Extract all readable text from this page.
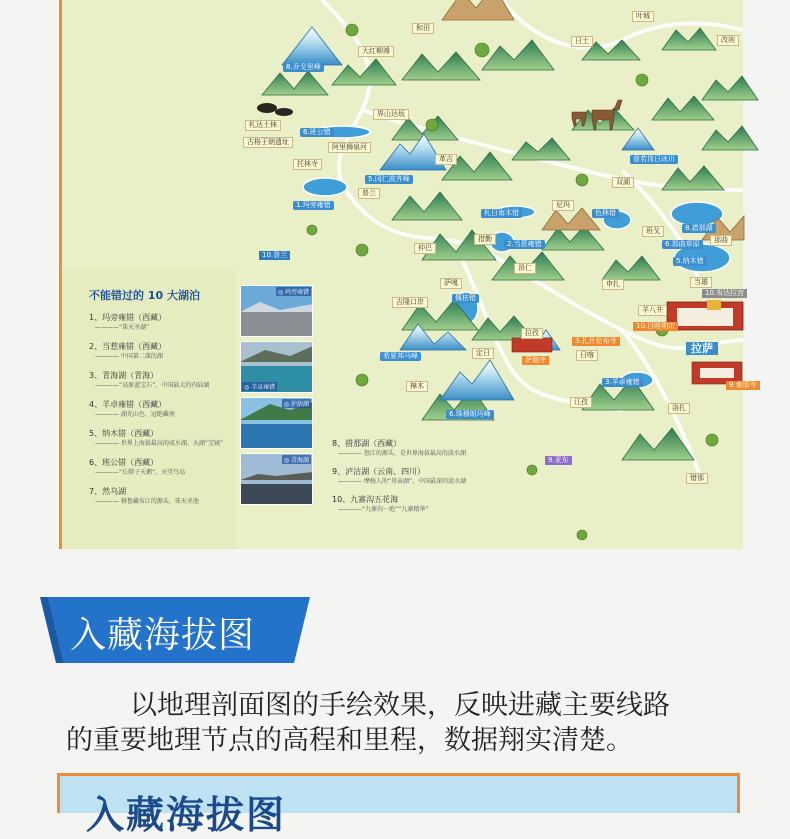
和田
叶城
日土	改则
大红柳滩
8.乔戈里峰
界山达坂
札达土林
6.班公错
古格王朝遗址
阿里狮泉河
托林寺
革吉
5.冈仁波齐峰
普兰
1.玛旁雍错
仲巴
札日南木错
措勤
2.当惹雍错
尼玛
色林错
双湖
普若岗日冰川
班戈
那曲
8.措那湖
5.纳木错
6.那曲草原
当雄
萨嘎
吉隆口岸	佩枯错
昂仁
申扎
拉孜
定日
萨迦寺
3.扎什伦布寺
日喀
10.日喀则市
羊八井
拉萨
10.布达拉宫
希夏邦马峰
樟木	3.羊卓雍错
江孜
6.珠穆朗玛峰
洛扎
9.亚东
错那
9.桑耶寺
10.普兰
不能错过的 10 大湖泊
1、玛旁雍错（西藏）
————“诛天圣湖”
2、当惹雍错（西藏）
———— 中国第二深的湖
3、青海湖（青海）
————“高原蓝宝石”、中国最大的内陆湖
4、羊卓雍错（西藏）
———— 湖光山色、冠绝藏南
5、纳木错（西藏）
———— 世界上海拔最高的咸水湖、天湖“宝镜”
6、班公错（西藏）
————“长脖子天鹅”，天堂鸟岛
7、然乌湖
———— 雅鲁藏布江的源头、诛天圣池
8、措那湖（西藏）
———— 怒江的源头，是世界海拔最高的淡水湖
9、泸沽湖（云南、四川）
———— 摩梭人的“母亲湖”、中国最深的淡水湖
10、九寨沟五花海
————“九寨沟一绝”“九寨精华”
◎ 玛旁雍错
◎ 羊卓雍错
◎ 泸沽湖
◎ 青海湖
入藏海拔图
以地理剖面图的手绘效果，反映进藏主要线路
的重要地理节点的高程和里程，数据翔实清楚。
入藏海拔图
